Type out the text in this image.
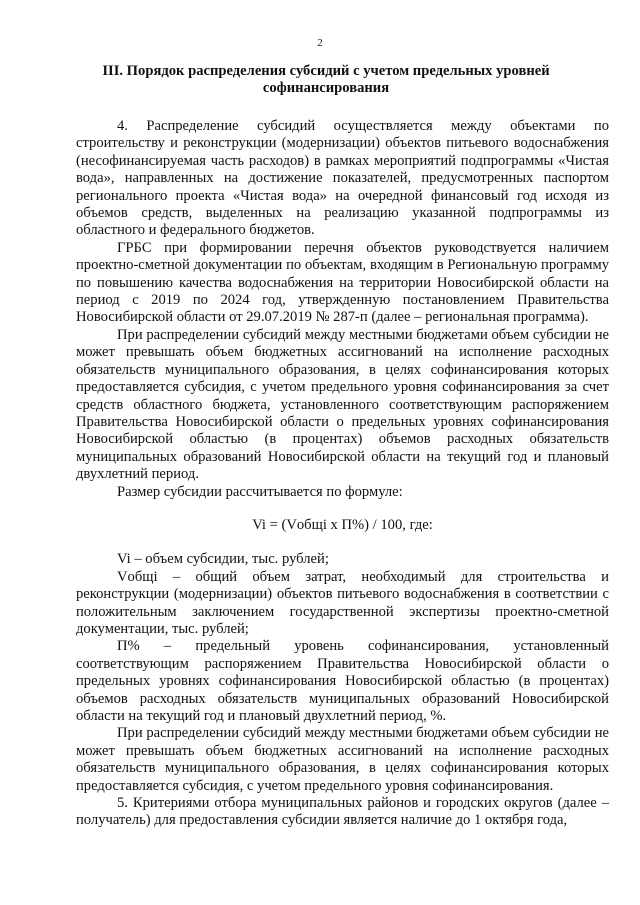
2
III. Порядок распределения субсидий с учетом предельных уровней софинансирования

4. Распределение субсидий осуществляется между объектами по строительству и реконструкции (модернизации) объектов питьевого водоснабжения (несофинансируемая часть расходов) в рамках мероприятий подпрограммы «Чистая вода», направленных на достижение показателей, предусмотренных паспортом регионального проекта «Чистая вода» на очередной финансовый год исходя из объемов средств, выделенных на реализацию указанной подпрограммы из областного и федерального бюджетов.

ГРБС при формировании перечня объектов руководствуется наличием проектно-сметной документации по объектам, входящим в Региональную программу по повышению качества водоснабжения на территории Новосибирской области на период с 2019 по 2024 год, утвержденную постановлением Правительства Новосибирской области от 29.07.2019 № 287-п (далее – региональная программа).

При распределении субсидий между местными бюджетами объем субсидии не может превышать объем бюджетных ассигнований на исполнение расходных обязательств муниципального образования, в целях софинансирования которых предоставляется субсидия, с учетом предельного уровня софинансирования за счет средств областного бюджета, установленного соответствующим распоряжением Правительства Новосибирской области о предельных уровнях софинансирования Новосибирской областью (в процентах) объемов расходных обязательств муниципальных образований Новосибирской области на текущий год и плановый двухлетний период.

Размер субсидии рассчитывается по формуле:

Vi = (Vобщi x П%) / 100, где:

Vi – объем субсидии, тыс. рублей;

Vобщi – общий объем затрат, необходимый для строительства и реконструкции (модернизации) объектов питьевого водоснабжения в соответствии с положительным заключением государственной экспертизы проектно-сметной документации, тыс. рублей;

П% – предельный уровень софинансирования, установленный соответствующим распоряжением Правительства Новосибирской области о предельных уровнях софинансирования Новосибирской областью (в процентах) объемов расходных обязательств муниципальных образований Новосибирской области на текущий год и плановый двухлетний период, %.

При распределении субсидий между местными бюджетами объем субсидии не может превышать объем бюджетных ассигнований на исполнение расходных обязательств муниципального образования, в целях софинансирования которых предоставляется субсидия, с учетом предельного уровня софинансирования.

5. Критериями отбора муниципальных районов и городских округов (далее – получатель) для предоставления субсидии является наличие до 1 октября года,
